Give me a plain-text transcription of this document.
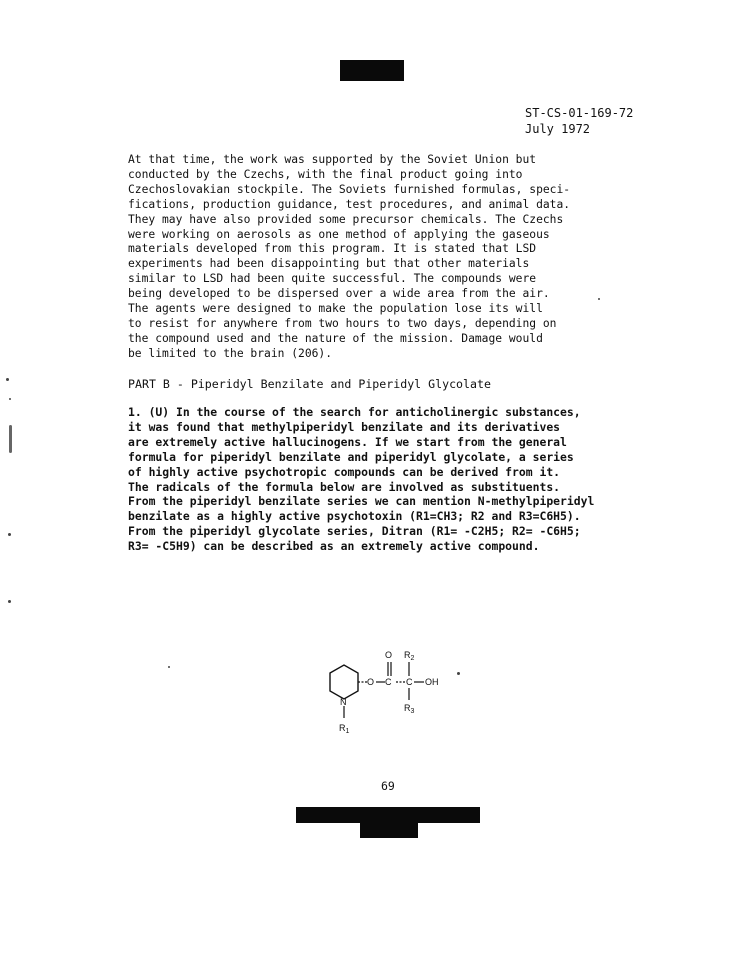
ST-CS-01-169-72
July 1972

At that time, the work was supported by the Soviet Union but
conducted by the Czechs, with the final product going into
Czechoslovakian stockpile. The Soviets furnished formulas, speci-
fications, production guidance, test procedures, and animal data.
They may have also provided some precursor chemicals. The Czechs
were working on aerosols as one method of applying the gaseous
materials developed from this program. It is stated that LSD
experiments had been disappointing but that other materials
similar to LSD had been quite successful. The compounds were
being developed to be dispersed over a wide area from the air.
The agents were designed to make the population lose its will
to resist for anywhere from two hours to two days, depending on
the compound used and the nature of the mission. Damage would
be limited to the brain (206).

PART B - Piperidyl Benzilate and Piperidyl Glycolate

1. (U) In the course of the search for anticholinergic substances,
it was found that methylpiperidyl benzilate and its derivatives
are extremely active hallucinogens. If we start from the general
formula for piperidyl benzilate and piperidyl glycolate, a series
of highly active psychotropic compounds can be derived from it.
The radicals of the formula below are involved as substituents.
From the piperidyl benzilate series we can mention N-methylpiperidyl
benzilate as a highly active psychotoxin (R1=CH3; R2 and R3=C6H5).
From the piperidyl glycolate series, Ditran (R1= -C2H5; R2= -C6H5;
R3= -C5H9) can be described as an extremely active compound.

O C C OH
O $R_2$
$R_3$
N
$R_1$
69
